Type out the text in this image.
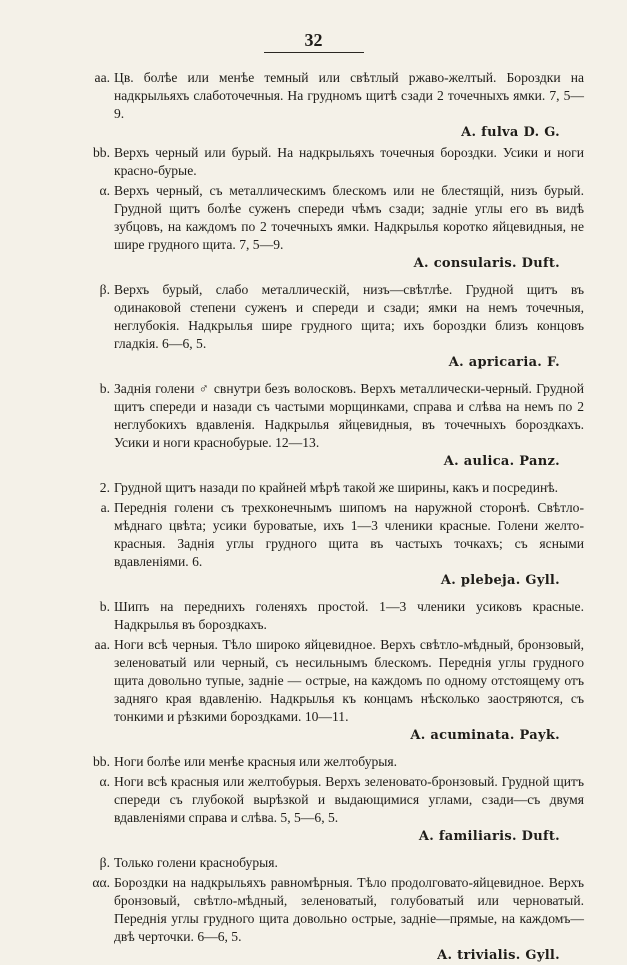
32
aa. Цв. болѣе или менѣе темный или свѣтлый ржаво-желтый. Бороздки на надкрыльяхъ слаботочечныя. На грудномъ щитѣ сзади 2 точечныхъ ямки. 7, 5—9.

A. fulva D. G.
bb. Верхъ черный или бурый. На надкрыльяхъ точечныя бороздки. Усики и ноги красно-бурые.

α. Верхъ черный, съ металлическимъ блескомъ или не блестящій, низъ бурый. Грудной щитъ болѣе суженъ спереди чѣмъ сзади; заднiе углы его въ видѣ зубцовъ, на каждомъ по 2 точечныхъ ямки. Надкрылья коротко яйцевидныя, не шире грудного щита. 7, 5—9.

A. consularis. Duft.
β. Верхъ бурый, слабо металлическій, низъ—свѣтлѣе. Грудной щитъ въ одинаковой степени суженъ и спереди и сзади; ямки на немъ точечныя, неглубокія. Надкрылья шире грудного щита; ихъ бороздки близъ концовъ гладкія. 6—6, 5.

A. apricaria. F.
b. Заднія голени ♂ свнутри безъ волосковъ. Верхъ металлически-черный. Грудной щитъ спереди и назади съ частыми морщинками, справа и слѣва на немъ по 2 неглубокихъ вдавленія. Надкрылья яйцевидныя, въ точечныхъ бороздкахъ. Усики и ноги краснобурые. 12—13.

A. aulica. Panz.
2. Грудной щитъ назади по крайней мѣрѣ такой же ширины, какъ и посрединѣ.

a. Переднія голени съ трехконечнымъ шипомъ на наружной сторонѣ. Свѣтло-мѣднаго цвѣта; усики буроватые, ихъ 1—3 членики красные. Голени желто-красныя. Заднія углы грудного щита въ частыхъ точкахъ; съ ясными вдавленіями. 6.

A. plebeja. Gyll.
b. Шипъ на переднихъ голеняхъ простой. 1—3 членики усиковъ красные. Надкрылья въ бороздкахъ.

aa. Ноги всѣ черныя. Тѣло широко яйцевидное. Верхъ свѣтло-мѣдный, бронзовый, зеленоватый или черный, съ несильнымъ блескомъ. Переднія углы грудного щита довольно тупые, заднiе — острые, на каждомъ по одному отстоящему отъ задняго края вдавленію. Надкрылья къ концамъ нѣсколько заостряются, съ тонкими и рѣзкими бороздками. 10—11.

A. acuminata. Payk.
bb. Ноги болѣе или менѣе красныя или желтобурыя.

α. Ноги всѣ красныя или желтобурыя. Верхъ зеленовато-бронзовый. Грудной щитъ спереди съ глубокой вырѣзкой и выдающимися углами, сзади—съ двумя вдавленіями справа и слѣва. 5, 5—6, 5.

A. familiaris. Duft.
β. Только голени краснобурыя.

αα. Бороздки на надкрыльяхъ равномѣрныя. Тѣло продолговато-яйцевидное. Верхъ бронзовый, свѣтло-мѣдный, зеленоватый, голубоватый или черноватый. Переднія углы грудного щита довольно острые, задніе—прямые, на каждомъ—двѣ черточки. 6—6, 5.

A. trivialis. Gyll.
